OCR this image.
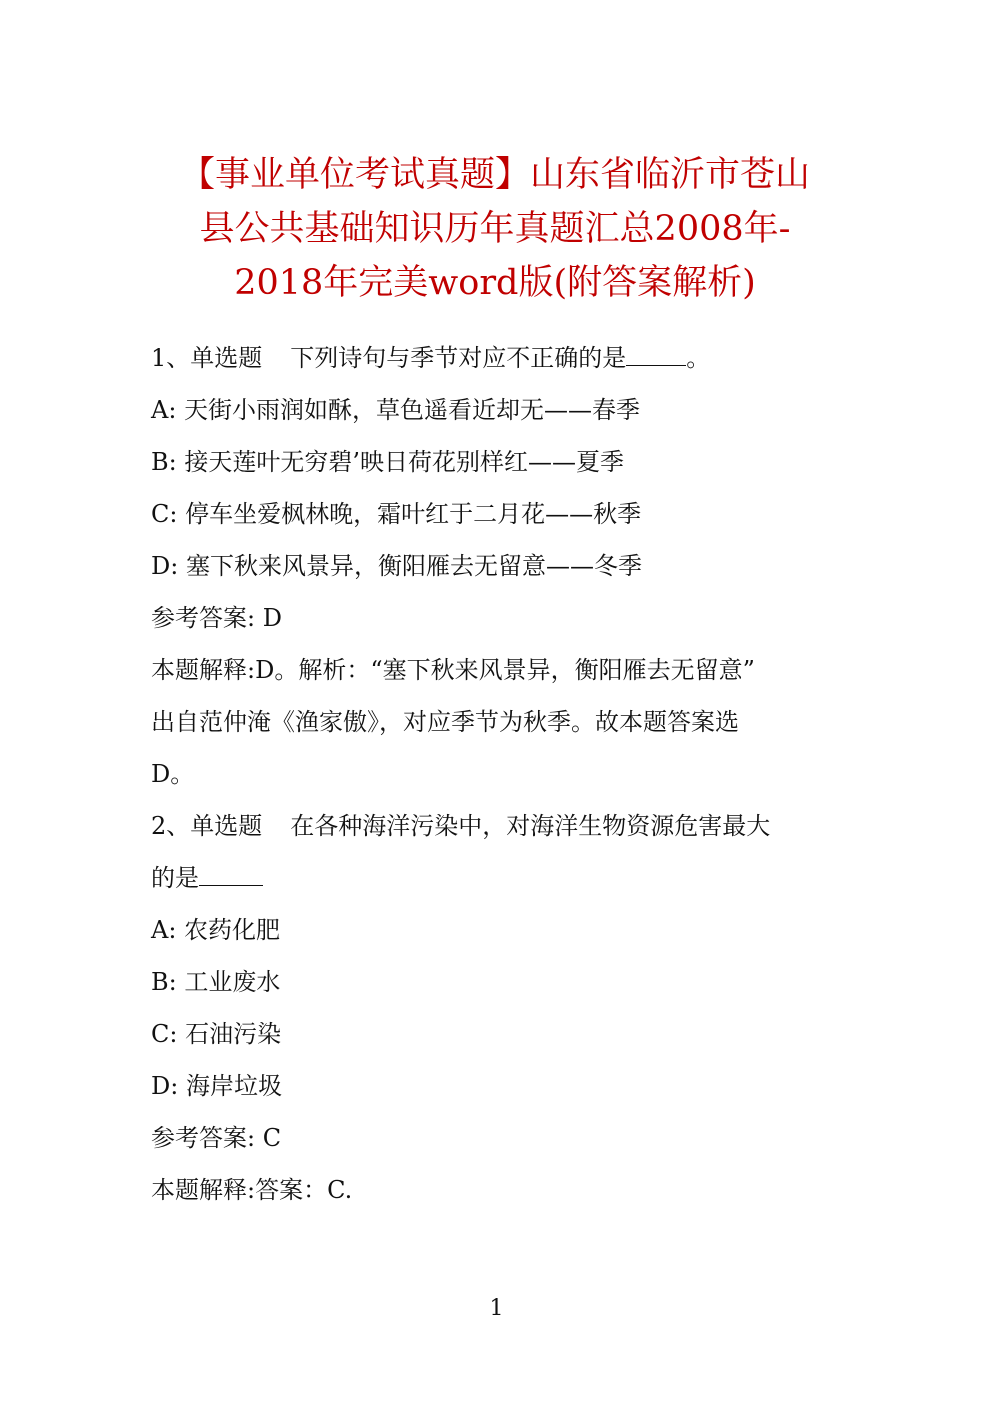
【事业单位考试真题】山东省临沂市苍山
县公共基础知识历年真题汇总2008年-
2018年完美word版(附答案解析)
1、单选题 下列诗句与季节对应不正确的是	。
A: 天街小雨润如酥，草色遥看近却无——春季
B: 接天莲叶无穷碧’映日荷花别样红——夏季
C: 停车坐爱枫林晚，霜叶红于二月花——秋季
D: 塞下秋来风景异，衡阳雁去无留意——冬季
参考答案: D
本题解释:D。解析：“塞下秋来风景异，衡阳雁去无留意”
出自范仲淹《渔家傲》，对应季节为秋季。故本题答案选
D。
2、单选题 在各种海洋污染中，对海洋生物资源危害最大
的是
A: 农药化肥
B: 工业废水
C: 石油污染
D: 海岸垃圾
参考答案: C
本题解释:答案：C.
1
